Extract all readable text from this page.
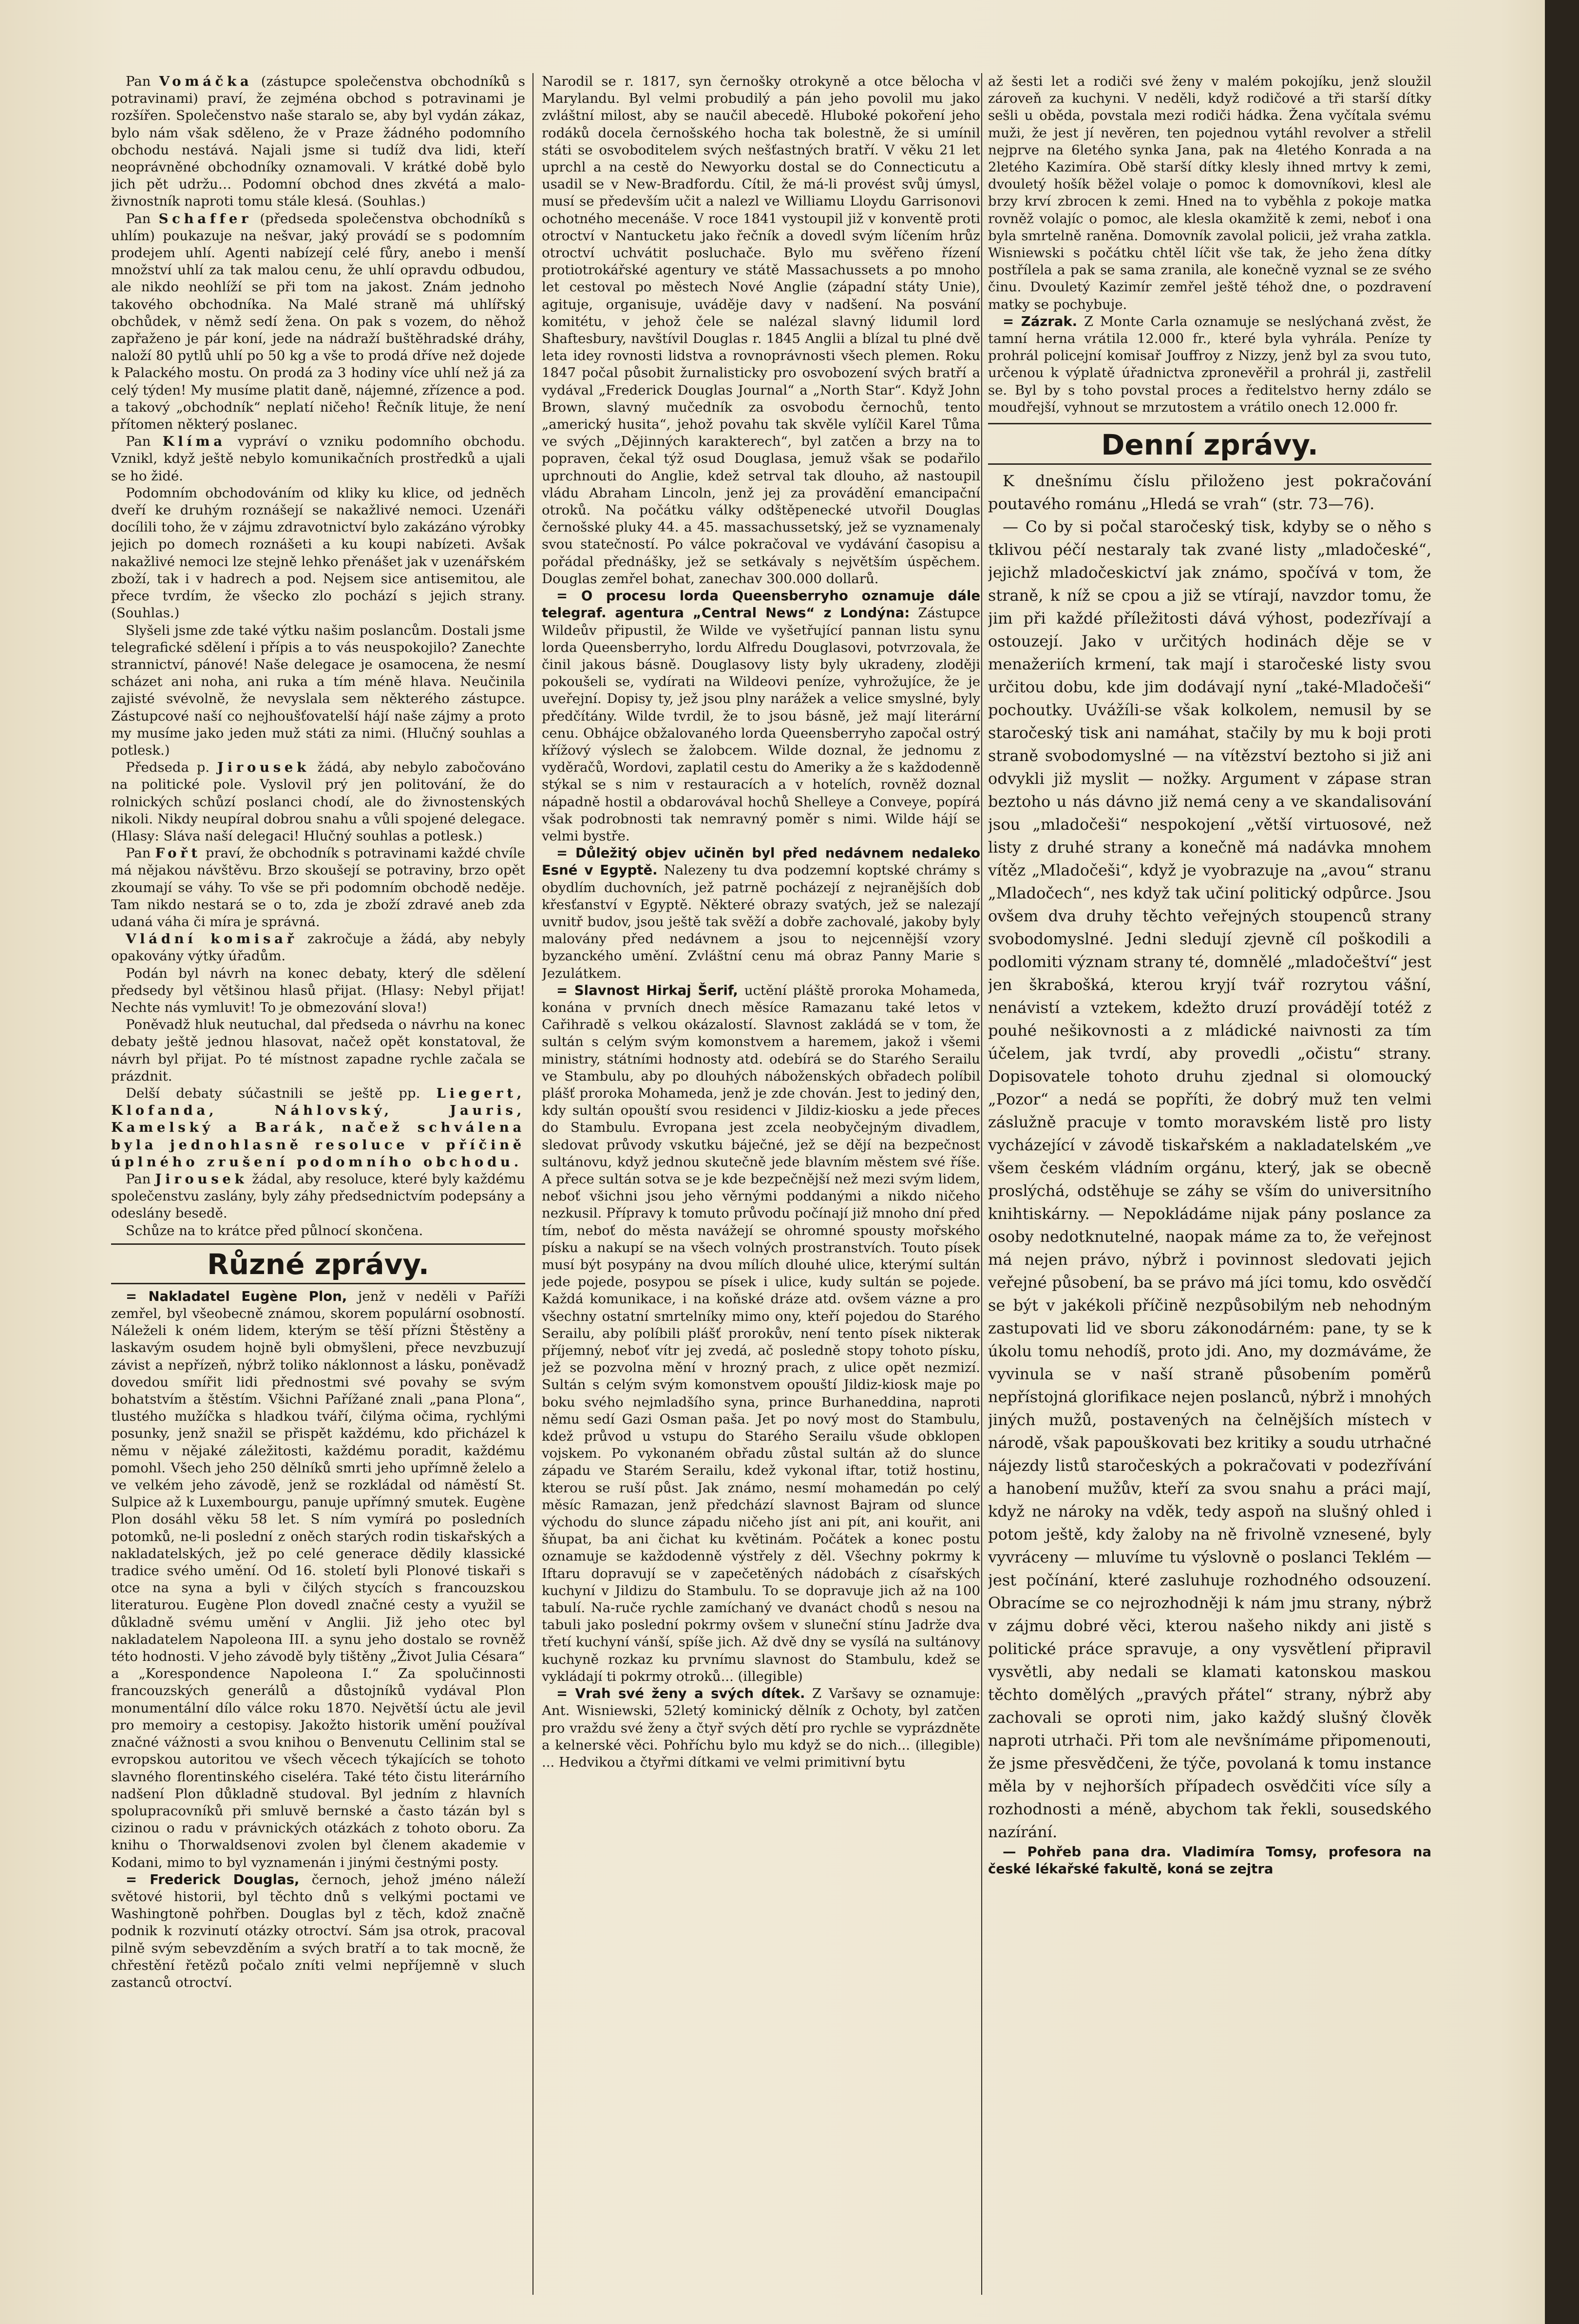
Pan Vomáčka (zástupce společenstva obchodníků s potravinami) praví, že zejména obchod s potravinami je rozšířen. Společenstvo naše staralo se, aby byl vydán zákaz, bylo nám však sděleno, že v Praze žádného podomního obchodu nestává. Najali jsme si tudíž dva lidi, kteří neoprávněné obchodníky oznamovali. V krátké době bylo jich pět udržu… Podomní obchod dnes zkvétá a malo-živnostník naproti tomu stále klesá. (Souhlas.)

Pan Schaffer (předseda společenstva obchodníků s uhlím) poukazuje na nešvar, jaký provádí se s podomním prodejem uhlí. Agenti nabízejí celé fůry, anebo i menší množství uhlí za tak malou cenu, že uhlí opravdu odbudou, ale nikdo neohlíží se při tom na jakost. Znám jednoho takového obchodníka. Na Malé straně má uhlířský obchůdek, v němž sedí žena. On pak s vozem, do něhož zapřaženo je pár koní, jede na nádraží buštěhradské dráhy, naloží 80 pytlů uhlí po 50 kg a vše to prodá dříve než dojede k Palackého mostu. On prodá za 3 hodiny více uhlí než já za celý týden! My musíme platit daně, nájemné, zřízence a pod. a takový „obchodník“ neplatí ničeho! Řečník lituje, že není přítomen některý poslanec.

Pan Klíma vypráví o vzniku podomního obchodu. Vznikl, když ještě nebylo komunikačních prostředků a ujali se ho židé.

Podomním obchodováním od kliky ku klice, od jedněch dveří ke druhým roznášejí se nakažlivé nemoci. Uzenáři docílili toho, že v zájmu zdravotnictví bylo zakázáno výrobky jejich po domech roznášeti a ku koupi nabízeti. Avšak nakažlivé nemoci lze stejně lehko přenášet jak v uzenářském zboží, tak i v hadrech a pod. Nejsem sice antisemitou, ale přece tvrdím, že všecko zlo pochází s jejich strany. (Souhlas.)

Slyšeli jsme zde také výtku našim poslancům. Dostali jsme telegrafické sdělení i přípis a to vás neuspokojilo? Zanechte strannictví, pánové! Naše delegace je osamocena, že nesmí scházet ani noha, ani ruka a tím méně hlava. Neučinila zajisté svévolně, že nevyslala sem některého zástupce. Zástupcové naší co nejhoušťovatelší hájí naše zájmy a proto my musíme jako jeden muž státi za nimi. (Hlučný souhlas a potlesk.)

Předseda p. Jirousek žádá, aby nebylo zabočováno na politické pole. Vyslovil prý jen politování, že do rolnických schůzí poslanci chodí, ale do živnostenských nikoli. Nikdy neupíral dobrou snahu a vůli spojené delegace. (Hlasy: Sláva naší delegaci! Hlučný souhlas a potlesk.)

Pan Fořt praví, že obchodník s potravinami každé chvíle má nějakou návštěvu. Brzo skoušejí se potraviny, brzo opět zkoumají se váhy. To vše se při podomním obchodě neděje. Tam nikdo nestará se o to, zda je zboží zdravé aneb zda udaná váha či míra je správná.

Vládní komisař zakročuje a žádá, aby nebyly opakovány výtky úřadům.

Podán byl návrh na konec debaty, který dle sdělení předsedy byl většinou hlasů přijat. (Hlasy: Nebyl přijat! Nechte nás vymluvit! To je obmezování slova!)

Poněvadž hluk neutuchal, dal předseda o návrhu na konec debaty ještě jednou hlasovat, načež opět konstatoval, že návrh byl přijat. Po té místnost zapadne rychle začala se prázdnit.

Delší debaty súčastnili se ještě pp. Liegert, Klofanda, Náhlovský, Jauris, Kamelský a Barák, načež schválena byla jednohlasně resoluce v příčině úplného zrušení podomního obchodu.

Pan Jirousek žádal, aby resoluce, které byly každému společenstvu zaslány, byly záhy předsednictvím podepsány a odeslány besedě.

Schůze na to krátce před půlnocí skončena.

Různé zprávy.

= Nakladatel Eugène Plon, jenž v neděli v Paříži zemřel, byl všeobecně známou, skorem populární osobností. Náleželi k oném lidem, kterým se těší přízni Štěstěny a laskavým osudem hojně byli obmyšleni, přece nevzbuzují závist a nepřízeň, nýbrž toliko náklonnost a lásku, poněvadž dovedou smířit lidi přednostmi své povahy se svým bohatstvím a štěstím. Všichni Pařížané znali „pana Plona“, tlustého mužíčka s hladkou tváří, čilýma očima, rychlými posunky, jenž snažil se přispět každému, kdo přicházel k němu v nějaké záležitosti, každému poradit, každému pomohl. Všech jeho 250 dělníků smrti jeho upřímně želelo a ve velkém jeho závodě, jenž se rozkládal od náměstí St. Sulpice až k Luxembourgu, panuje upřímný smutek. Eugène Plon dosáhl věku 58 let. S ním vymírá po posledních potomků, ne-li poslední z oněch starých rodin tiskařských a nakladatelských, jež po celé generace dědily klassické tradice svého umění. Od 16. století byli Plonové tiskaři s otce na syna a byli v čilých stycích s francouzskou literaturou. Eugène Plon dovedl značné cesty a využil se důkladně svému umění v Anglii. Již jeho otec byl nakladatelem Napoleona III. a synu jeho dostalo se rovněž této hodnosti. V jeho závodě byly tištěny „Život Julia Césara“ a „Korespondence Napoleona I.“ Za spolučinnosti francouzských generálů a důstojníků vydával Plon monumentální dílo válce roku 1870. Největší úctu ale jevil pro memoiry a cestopisy. Jakožto historik umění používal značné vážnosti a svou knihou o Benvenutu Cellinim stal se evropskou autoritou ve všech věcech týkajících se tohoto slavného florentinského ciseléra. Také této čistu literárního nadšení Plon důkladně studoval. Byl jedním z hlavních spolupracovníků při smluvě bernské a často tázán byl s cizinou o radu v právnických otázkách z tohoto oboru. Za knihu o Thorwaldsenovi zvolen byl členem akademie v Kodani, mimo to byl vyznamenán i jinými čestnými posty.

= Frederick Douglas, černoch, jehož jméno náleží světové historii, byl těchto dnů s velkými poctami ve Washingtoně pohřben. Douglas byl z těch, kdož značně podnik k rozvinutí otázky otroctví. Sám jsa otrok, pracoval pilně svým sebevzděním a svých bratří a to tak mocně, že chřestění řetězů počalo zníti velmi nepříjemně v sluch zastanců otroctví.

Narodil se r. 1817, syn černošky otrokyně a otce bělocha v Marylandu. Byl velmi probudilý a pán jeho povolil mu jako zvláštní milost, aby se naučil abecedě. Hluboké pokoření jeho rodáků docela černošského hocha tak bolestně, že si umínil státi se osvoboditelem svých nešťastných bratří. V věku 21 let uprchl a na cestě do Newyorku dostal se do Connecticutu a usadil se v New-Bradfordu. Cítil, že má-li provést svůj úmysl, musí se především učit a nalezl ve Williamu Lloydu Garrisonovi ochotného mecenáše. V roce 1841 vystoupil již v konventě proti otroctví v Nantucketu jako řečník a dovedl svým líčením hrůz otroctví uchvátit posluchače. Bylo mu svěřeno řízení protiotrokářské agentury ve státě Massachussets a po mnoho let cestoval po městech Nové Anglie (západní státy Unie), agituje, organisuje, uváděje davy v nadšení. Na posvání komitétu, v jehož čele se nalézal slavný lidumil lord Shaftesbury, navštívil Douglas r. 1845 Anglii a blízal tu plné dvě leta idey rovnosti lidstva a rovnoprávnosti všech plemen. Roku 1847 počal působit žurnalisticky pro osvobození svých bratří a vydával „Frederick Douglas Journal“ a „North Star“. Když John Brown, slavný mučedník za osvobodu černochů, tento „americký husita“, jehož povahu tak skvěle vylíčil Karel Tůma ve svých „Dějinných karakterech“, byl zatčen a brzy na to popraven, čekal týž osud Douglasa, jemuž však se podařilo uprchnouti do Anglie, kdež setrval tak dlouho, až nastoupil vládu Abraham Lincoln, jenž jej za provádění emancipační otroků. Na počátku války odštěpenecké utvořil Douglas černošské pluky 44. a 45. massachussetský, jež se vyznamenaly svou statečností. Po válce pokračoval ve vydávání časopisu a pořádal přednášky, jež se setkávaly s největším úspěchem. Douglas zemřel bohat, zanechav 300.000 dollarů.

= O procesu lorda Queensberryho oznamuje dále telegraf. agentura „Central News“ z Londýna: Zástupce Wildeův připustil, že Wilde ve vyšetřující pannan listu synu lorda Queensberryho, lordu Alfredu Douglasovi, potvrzovala, že činil jakous básně. Douglasovy listy byly ukradeny, zloději pokoušeli se, vydírati na Wildeovi peníze, vyhrožujíce, že je uveřejní. Dopisy ty, jež jsou plny narážek a velice smyslné, byly předčítány. Wilde tvrdil, že to jsou básně, jež mají literární cenu. Obhájce obžalovaného lorda Queensberryho započal ostrý křížový výslech se žalobcem. Wilde doznal, že jednomu z vyděračů, Wordovi, zaplatil cestu do Ameriky a že s každodenně stýkal se s nim v restauracích a v hotelích, rovněž doznal nápadně hostil a obdarovával hochů Shelleye a Conveye, popírá však podrobnosti tak nemravný poměr s nimi. Wilde hájí se velmi bystře.

= Důležitý objev učiněn byl před nedávnem nedaleko Esné v Egyptě. Nalezeny tu dva podzemní koptské chrámy s obydlím duchovních, jež patrně pocházejí z nejranějších dob křesťanství v Egyptě. Některé obrazy svatých, jež se nalezají uvnitř budov, jsou ještě tak svěží a dobře zachovalé, jakoby byly malovány před nedávnem a jsou to nejcennější vzory byzanckého umění. Zvláštní cenu má obraz Panny Marie s Jezulátkem.

= Slavnost Hirkaj Šerif, uctění pláště proroka Mohameda, konána v prvních dnech měsíce Ramazanu také letos v Cařihradě s velkou okázalostí. Slavnost zakládá se v tom, že sultán s celým svým komonstvem a haremem, jakož i všemi ministry, státními hodnosty atd. odebírá se do Starého Serailu ve Stambulu, aby po dlouhých náboženských obřadech políbil plášť proroka Mohameda, jenž je zde chován. Jest to jediný den, kdy sultán opouští svou residenci v Jildiz-kiosku a jede přeces do Stambulu. Evropana jest zcela neobyčejným divadlem, sledovat průvody vskutku báječné, jež se dějí na bezpečnost sultánovu, když jednou skutečně jede blavním městem své říše. A přece sultán sotva se je kde bezpečnější než mezi svým lidem, neboť všichni jsou jeho věrnými poddanými a nikdo ničeho nezkusil. Přípravy k tomuto průvodu počínají již mnoho dní před tím, neboť do města navážejí se ohromné spousty mořského písku a nakupí se na všech volných prostranstvích. Touto písek musí být posypány na dvou mílích dlouhé ulice, kterýmí sultán jede pojede, posypou se písek i ulice, kudy sultán se pojede. Každá komunikace, i na koňské dráze atd. ovšem vázne a pro všechny ostatní smrtelníky mimo ony, kteří pojedou do Starého Serailu, aby políbili plášť prorokův, není tento písek nikterak příjemný, neboť vítr jej zvedá, ač posledně stopy tohoto písku, jež se pozvolna mění v hrozný prach, z ulice opět nezmizí. Sultán s celým svým komonstvem opouští Jildiz-kiosk maje po boku svého nejmladšího syna, prince Burhaneddina, naproti němu sedí Gazi Osman paša. Jet po nový most do Stambulu, kdež průvod u vstupu do Starého Serailu všude obklopen vojskem. Po vykonaném obřadu zůstal sultán až do slunce západu ve Starém Serailu, kdež vykonal iftar, totiž hostinu, kterou se ruší půst. Jak známo, nesmí mohamedán po celý měsíc Ramazan, jenž předchází slavnost Bajram od slunce východu do slunce západu ničeho jíst ani pít, ani kouřit, ani šňupat, ba ani čichat ku květinám. Počátek a konec postu oznamuje se každodenně výstřely z děl. Všechny pokrmy k Iftaru dopravují se v zapečetěných nádobách z císařských kuchyní v Jildizu do Stambulu. To se dopravuje jich až na 100 tabulí. Na-ruče rychle zamíchaný ve dvanáct chodů s nesou na tabuli jako poslední pokrmy ovšem v sluneční stínu Jadrže dva třetí kuchyní vánší, spíše jich. Až dvě dny se vysílá na sultánovy kuchyně rozkaz ku prvnímu slavnost do Stambulu, kdež se vykládají ti pokrmy otroků... (illegible)

= Vrah své ženy a svých dítek. Z Varšavy se oznamuje: Ant. Wisniewski, 52letý kominický dělník z Ochoty, byl zatčen pro vraždu své ženy a čtyř svých dětí pro rychle se vyprázdněte a kelnerské věci. Pohříchu bylo mu když se do nich... (illegible) ... Hedvikou a čtyřmi dítkami ve velmi primitivní bytu

až šesti let a rodiči své ženy v malém pokojíku, jenž sloužil zároveň za kuchyni. V neděli, když rodičové a tři starší dítky sešli u oběda, povstala mezi rodiči hádka. Žena vyčítala svému muži, že jest jí nevěren, ten pojednou vytáhl revolver a střelil nejprve na 6letého synka Jana, pak na 4letého Konrada a na 2letého Kazimíra. Obě starší dítky klesly ihned mrtvy k zemi, dvouletý hošík běžel volaje o pomoc k domovníkovi, klesl ale brzy krví zbrocen k zemi. Hned na to vyběhla z pokoje matka rovněž volajíc o pomoc, ale klesla okamžitě k zemi, neboť i ona byla smrtelně raněna. Domovník zavolal policii, jež vraha zatkla. Wisniewski s počátku chtěl líčit vše tak, že jeho žena dítky postřílela a pak se sama zranila, ale konečně vyznal se ze svého činu. Dvouletý Kazimír zemřel ještě téhož dne, o pozdravení matky se pochybuje.

= Zázrak. Z Monte Carla oznamuje se neslýchaná zvěst, že tamní herna vrátila 12.000 fr., které byla vyhrála. Peníze ty prohrál policejní komisař Jouffroy z Nizzy, jenž byl za svou tuto, určenou k výplatě úřadnictva zpronevěřil a prohrál ji, zastřelil se. Byl by s toho povstal proces a ředitelstvo herny zdálo se moudřejší, vyhnout se mrzutostem a vrátilo onech 12.000 fr.

Denní zprávy.

K dnešnímu číslu přiloženo jest pokračování poutavého románu „Hledá se vrah“ (str. 73—76).

— Co by si počal staročeský tisk, kdyby se o něho s tklivou péčí nestaraly tak zvané listy „mladočeské“, jejichž mladočeskictví jak známo, spočívá v tom, že straně, k níž se cpou a již se vtírají, navzdor tomu, že jim při každé příležitosti dává výhost, podezřívají a ostouzejí. Jako v určitých hodinách děje se v menažeriích krmení, tak mají i staročeské listy svou určitou dobu, kde jim dodávají nyní „také-Mladočeši“ pochoutky. Uvážíli-se však kolkolem, nemusil by se staročeský tisk ani namáhat, stačily by mu k boji proti straně svobodomyslné — na vítězství beztoho si již ani odvykli již myslit — nožky. Argument v zápase stran beztoho u nás dávno již nemá ceny a ve skandalisování jsou „mladočeši“ nespokojení „větší virtuosové, než listy z druhé strany a konečně má nadávka mnohem vítěz „Mladočeši“, když je vyobrazuje na „avou“ stranu „Mladočech“, nes když tak učiní politický odpůrce. Jsou ovšem dva druhy těchto veřejných stoupenců strany svobodomyslné. Jedni sledují zjevně cíl poškodili a podlomiti význam strany té, domnělé „mladočeštví“ jest jen škrabošká, kterou kryjí tvář rozrytou vášní, nenávistí a vztekem, kdežto druzí provádějí totéž z pouhé nešikovnosti a z mládické naivnosti za tím účelem, jak tvrdí, aby provedli „očistu“ strany. Dopisovatele tohoto druhu zjednal si olomoucký „Pozor“ a nedá se popříti, že dobrý muž ten velmi záslužně pracuje v tomto moravském listě pro listy vycházející v závodě tiskařském a nakladatelském „ve všem českém vládním orgánu, který, jak se obecně proslýchá, odstěhuje se záhy se vším do universitního knihtiskárny. — Nepokládáme nijak pány poslance za osoby nedotknutelné, naopak máme za to, že veřejnost má nejen právo, nýbrž i povinnost sledovati jejich veřejné působení, ba se právo má jíci tomu, kdo osvědčí se být v jakékoli příčině nezpůsobilým neb nehodným zastupovati lid ve sboru zákonodárném: pane, ty se k úkolu tomu nehodíš, proto jdi. Ano, my dozmáváme, že vyvinula se v naší straně působením poměrů nepřístojná glorifikace nejen poslanců, nýbrž i mnohých jiných mužů, postavených na čelnějších místech v národě, však papouškovati bez kritiky a soudu utrhačné nájezdy listů staročeských a pokračovati v podezřívání a hanobení mužův, kteří za svou snahu a práci mají, když ne nároky na vděk, tedy aspoň na slušný ohled i potom ještě, kdy žaloby na ně frivolně vznesené, byly vyvráceny — mluvíme tu výslovně o poslanci Teklém — jest počínání, které zasluhuje rozhodného odsouzení. Obracíme se co nejrozhodněji k nám jmu strany, nýbrž v zájmu dobré věci, kterou našeho nikdy ani jistě s politické práce spravuje, a ony vysvětlení připravil vysvětli, aby nedali se klamati katonskou maskou těchto domělých „pravých přátel“ strany, nýbrž aby zachovali se oproti nim, jako každý slušný člověk naproti utrhači. Při tom ale nevšnímáme připomenouti, že jsme přesvědčeni, že týče, povolaná k tomu instance měla by v nejhorších případech osvědčiti více síly a rozhodnosti a méně, abychom tak řekli, sousedského nazírání.

— Pohřeb pana dra. Vladimíra Tomsy, profesora na české lékařské fakultě, koná se zejtra
